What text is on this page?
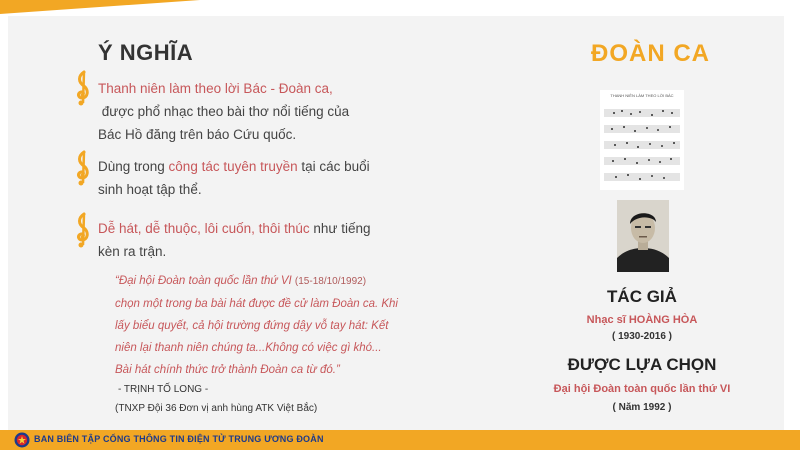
Ý NGHĨA
Thanh niên làm theo lời Bác - Đoàn ca,
được phổ nhạc theo bài thơ nổi tiếng của
Bác Hồ đăng trên báo Cứu quốc.
Dùng trong công tác tuyên truyền tại các buổi
sinh hoạt tập thể.
Dễ hát, dễ thuộc, lôi cuốn, thôi thúc như tiếng
kèn ra trận.
“Đại hội Đoàn toàn quốc lần thứ VI (15-18/10/1992)
chọn một trong ba bài hát được đề cử làm Đoàn ca. Khi
lấy biểu quyết, cả hội trường đứng dậy vỗ tay hát: Kết
niên lại thanh niên chúng ta...Không có việc gì khó...
Bài hát chính thức trở thành Đoàn ca từ đó.”
- TRỊNH TỐ LONG -
(TNXP Đội 36 Đơn vị anh hùng ATK Việt Bắc)
ĐOÀN CA
THANH NIÊN LÀM THEO LỜI BÁC
TÁC GIẢ
Nhạc sĩ HOÀNG HÒA
( 1930-2016 )
ĐƯỢC LỰA CHỌN
Đại hội Đoàn toàn quốc lần thứ VI
( Năm 1992 )
BAN BIÊN TẬP CỔNG THÔNG TIN ĐIỆN TỬ TRUNG ƯƠNG ĐOÀN
